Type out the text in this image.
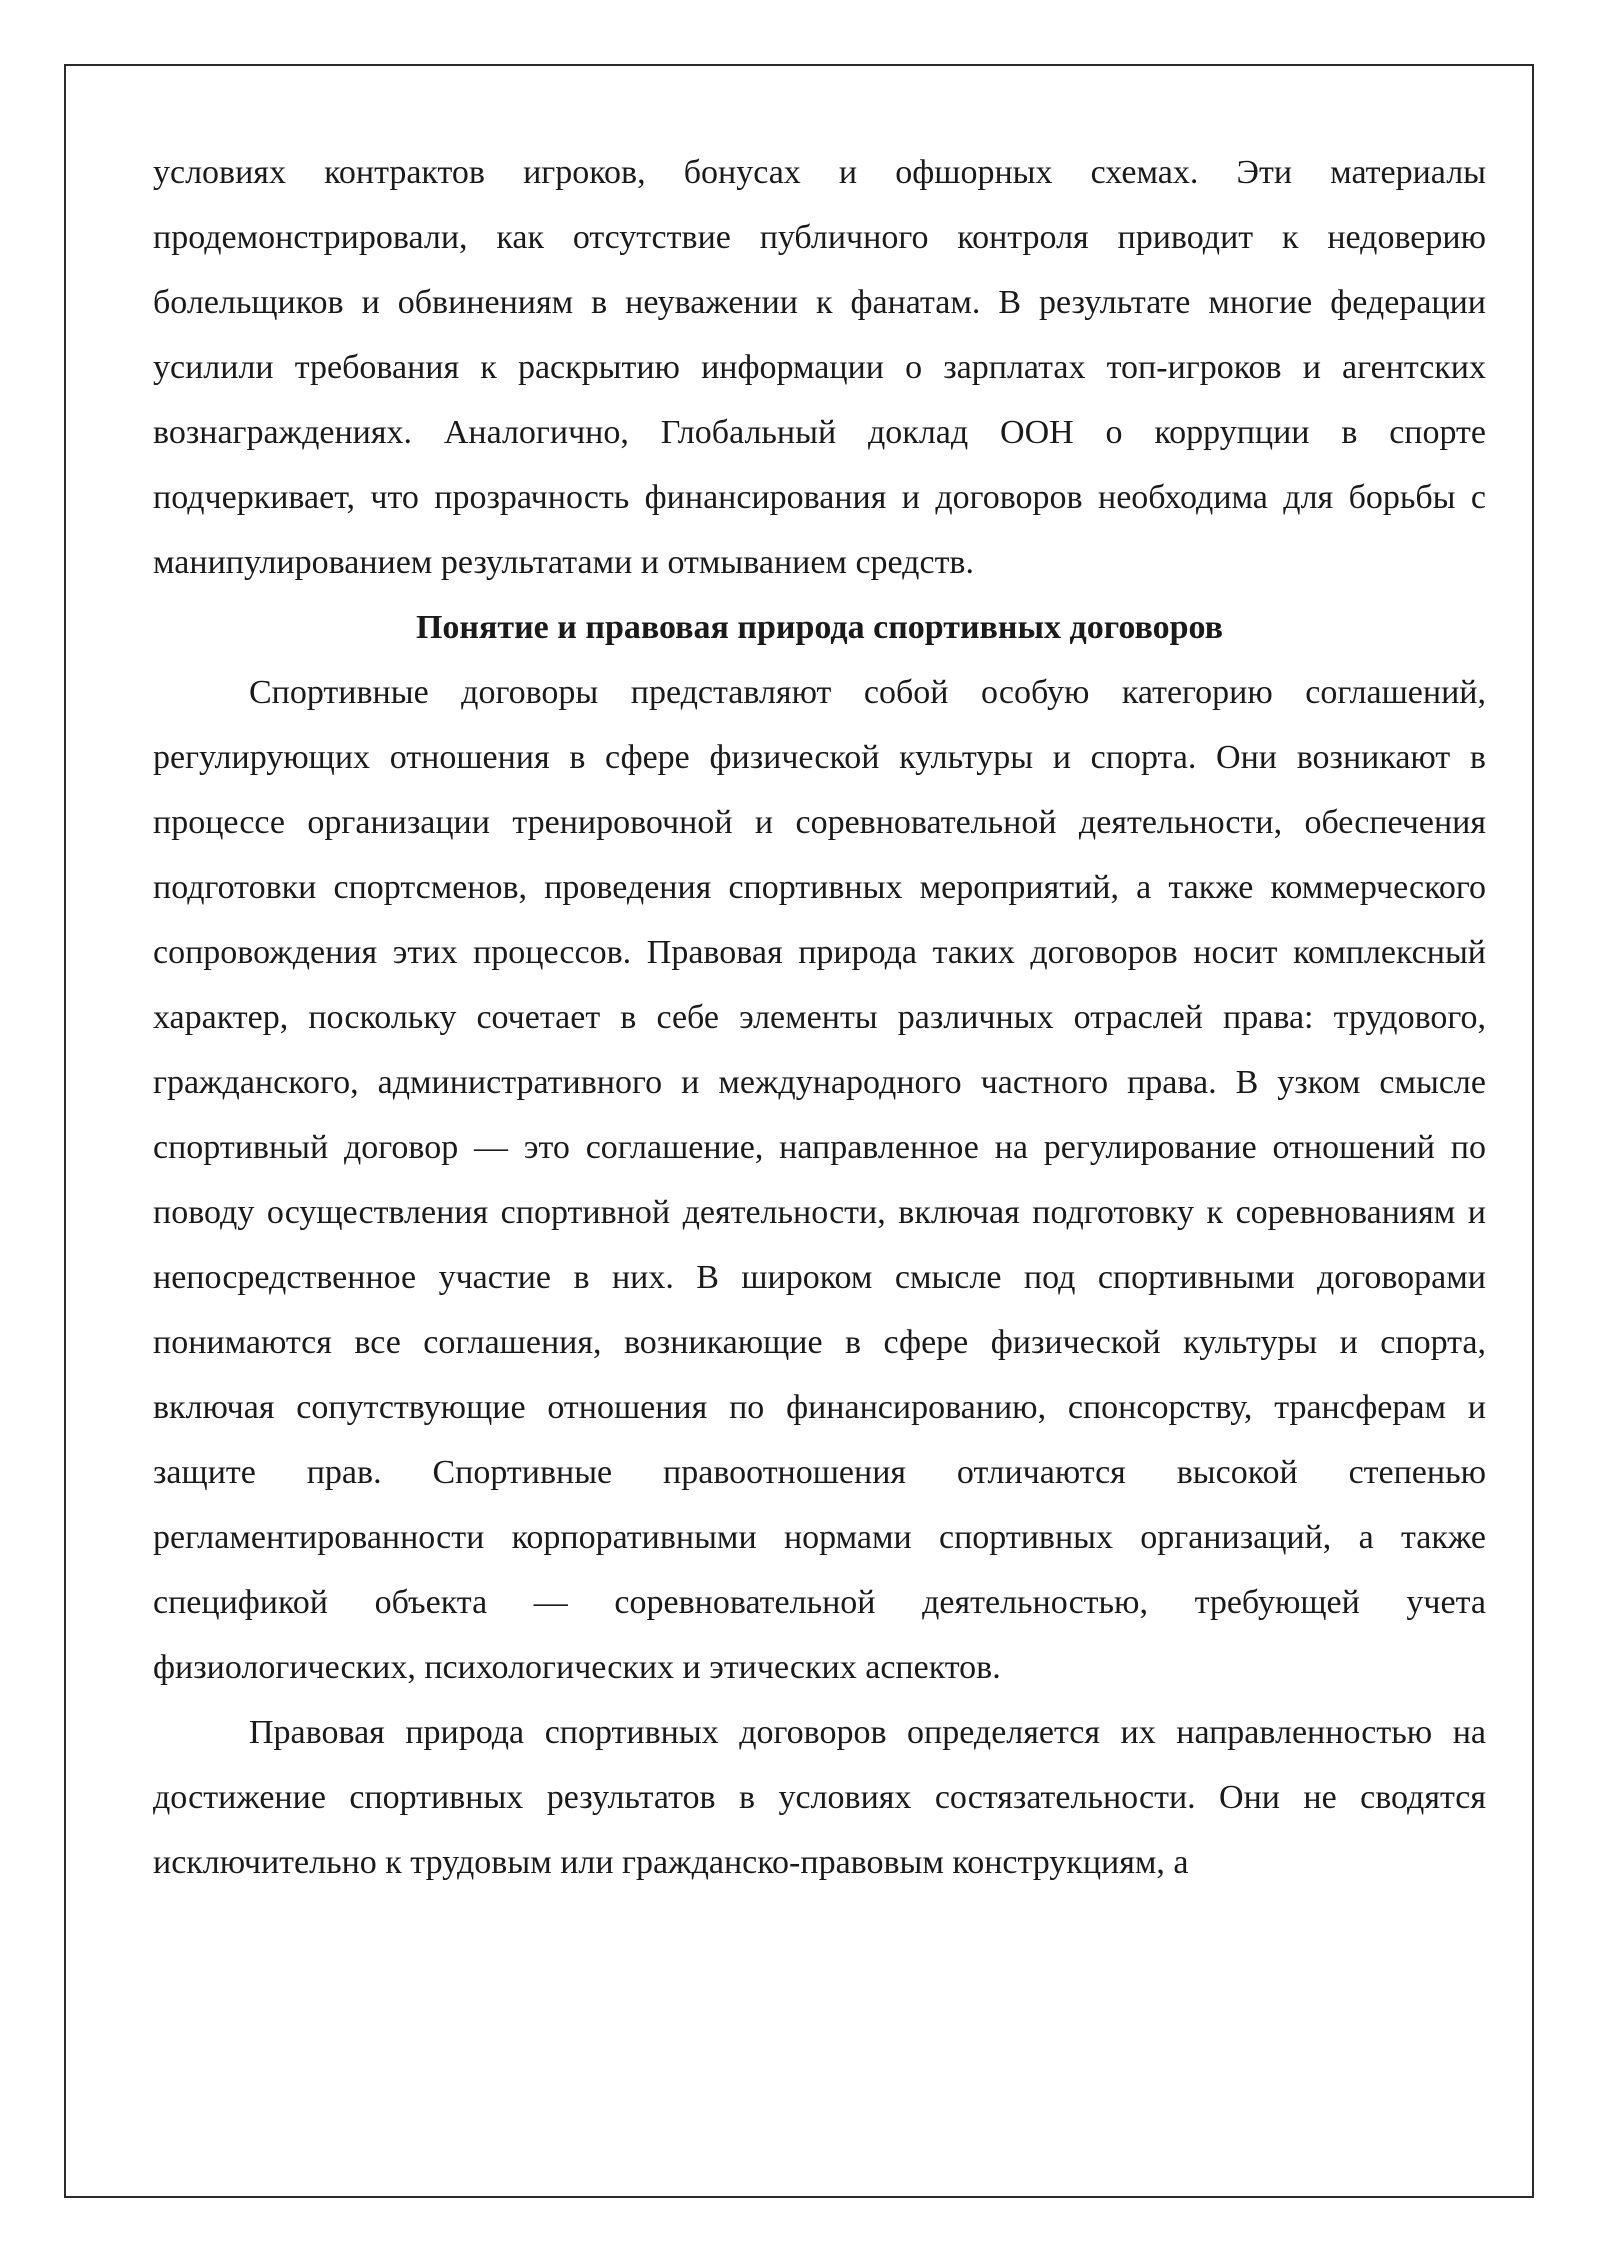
условиях контрактов игроков, бонусах и офшорных схемах. Эти материалы продемонстрировали, как отсутствие публичного контроля приводит к недоверию болельщиков и обвинениям в неуважении к фанатам. В результате многие федерации усилили требования к раскрытию информации о зарплатах топ-игроков и агентских вознаграждениях. Аналогично, Глобальный доклад ООН о коррупции в спорте подчеркивает, что прозрачность финансирования и договоров необходима для борьбы с манипулированием результатами и отмыванием средств.

Понятие и правовая природа спортивных договоров

Спортивные договоры представляют собой особую категорию соглашений, регулирующих отношения в сфере физической культуры и спорта. Они возникают в процессе организации тренировочной и соревновательной деятельности, обеспечения подготовки спортсменов, проведения спортивных мероприятий, а также коммерческого сопровождения этих процессов. Правовая природа таких договоров носит комплексный характер, поскольку сочетает в себе элементы различных отраслей права: трудового, гражданского, административного и международного частного права. В узком смысле спортивный договор — это соглашение, направленное на регулирование отношений по поводу осуществления спортивной деятельности, включая подготовку к соревнованиям и непосредственное участие в них. В широком смысле под спортивными договорами понимаются все соглашения, возникающие в сфере физической культуры и спорта, включая сопутствующие отношения по финансированию, спонсорству, трансферам и защите прав. Спортивные правоотношения отличаются высокой степенью регламентированности корпоративными нормами спортивных организаций, а также спецификой объекта — соревновательной деятельностью, требующей учета физиологических, психологических и этических аспектов.

Правовая природа спортивных договоров определяется их направленностью на достижение спортивных результатов в условиях состязательности. Они не сводятся исключительно к трудовым или гражданско-правовым конструкциям, а
